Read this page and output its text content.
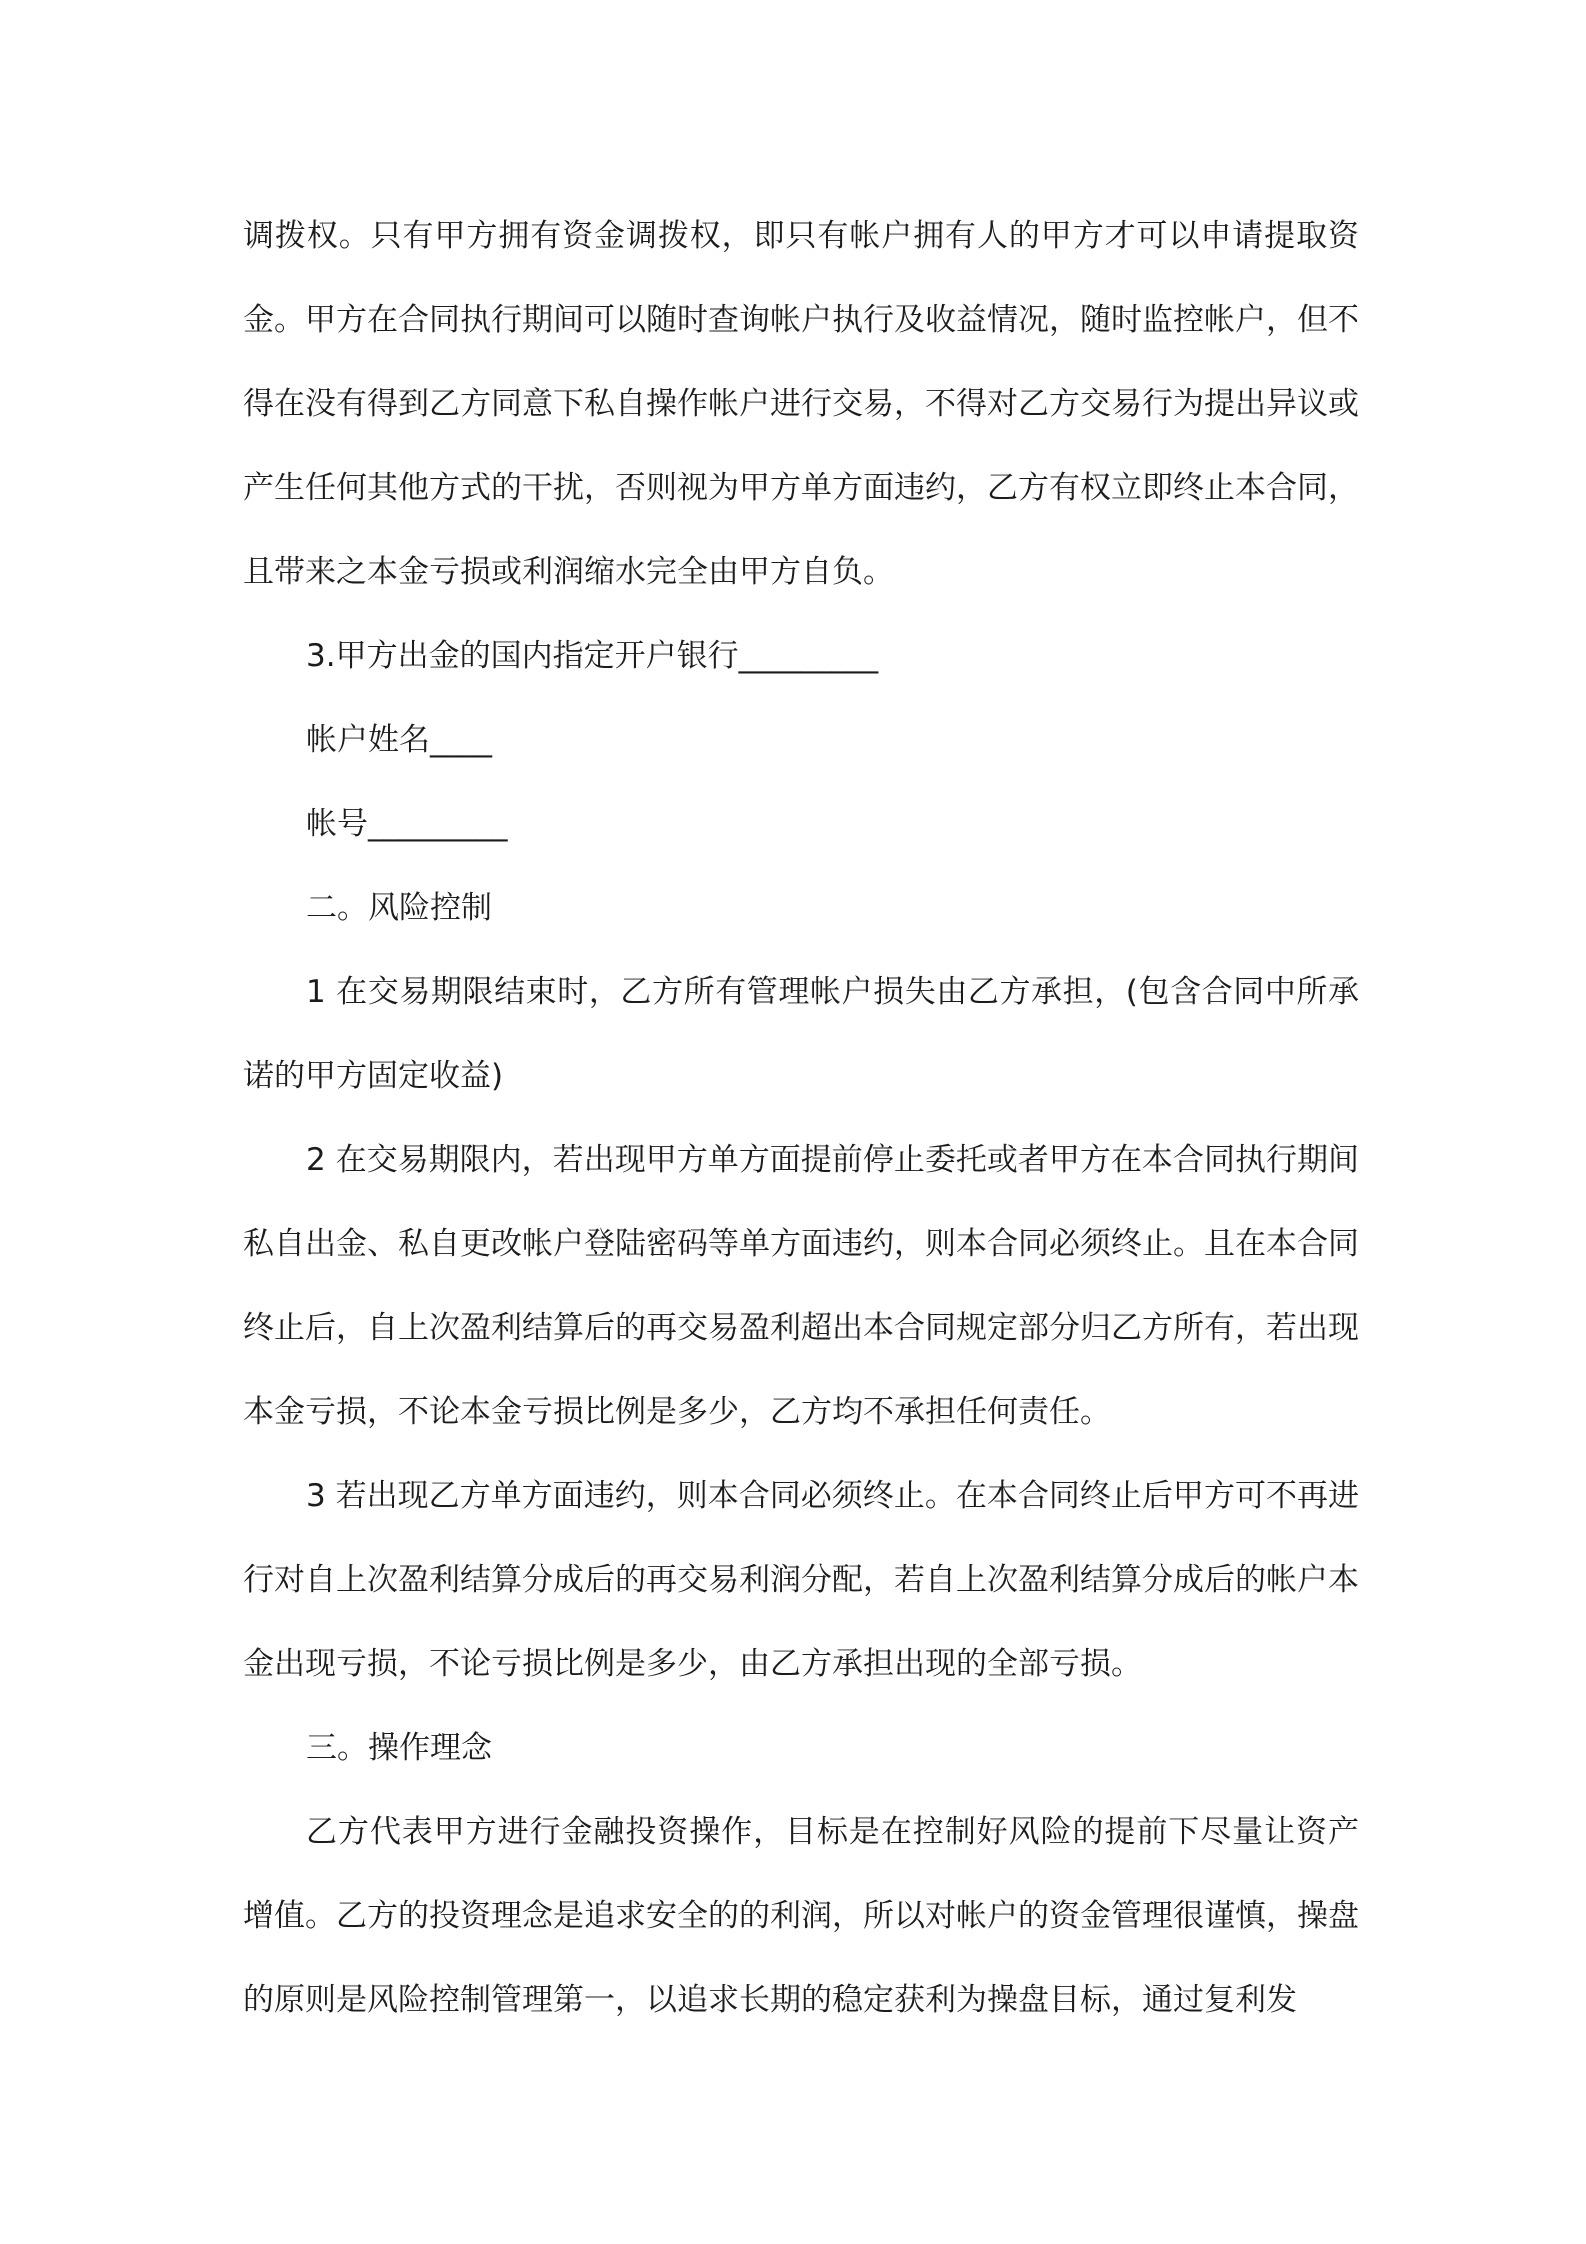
调拨权。只有甲方拥有资金调拨权，即只有帐户拥有人的甲方才可以申请提取资金。甲方在合同执行期间可以随时查询帐户执行及收益情况，随时监控帐户，但不得在没有得到乙方同意下私自操作帐户进行交易，不得对乙方交易行为提出异议或产生任何其他方式的干扰，否则视为甲方单方面违约，乙方有权立即终止本合同，且带来之本金亏损或利润缩水完全由甲方自负。

3.甲方出金的国内指定开户银行_________

帐户姓名____

帐号_________

二。风险控制

1 在交易期限结束时，乙方所有管理帐户损失由乙方承担，(包含合同中所承诺的甲方固定收益)

2 在交易期限内，若出现甲方单方面提前停止委托或者甲方在本合同执行期间私自出金、私自更改帐户登陆密码等单方面违约，则本合同必须终止。且在本合同终止后，自上次盈利结算后的再交易盈利超出本合同规定部分归乙方所有，若出现本金亏损，不论本金亏损比例是多少，乙方均不承担任何责任。

3 若出现乙方单方面违约，则本合同必须终止。在本合同终止后甲方可不再进行对自上次盈利结算分成后的再交易利润分配，若自上次盈利结算分成后的帐户本金出现亏损，不论亏损比例是多少，由乙方承担出现的全部亏损。

三。操作理念

乙方代表甲方进行金融投资操作，目标是在控制好风险的提前下尽量让资产增值。乙方的投资理念是追求安全的的利润，所以对帐户的资金管理很谨慎，操盘的原则是风险控制管理第一，以追求长期的稳定获利为操盘目标，通过复利发
